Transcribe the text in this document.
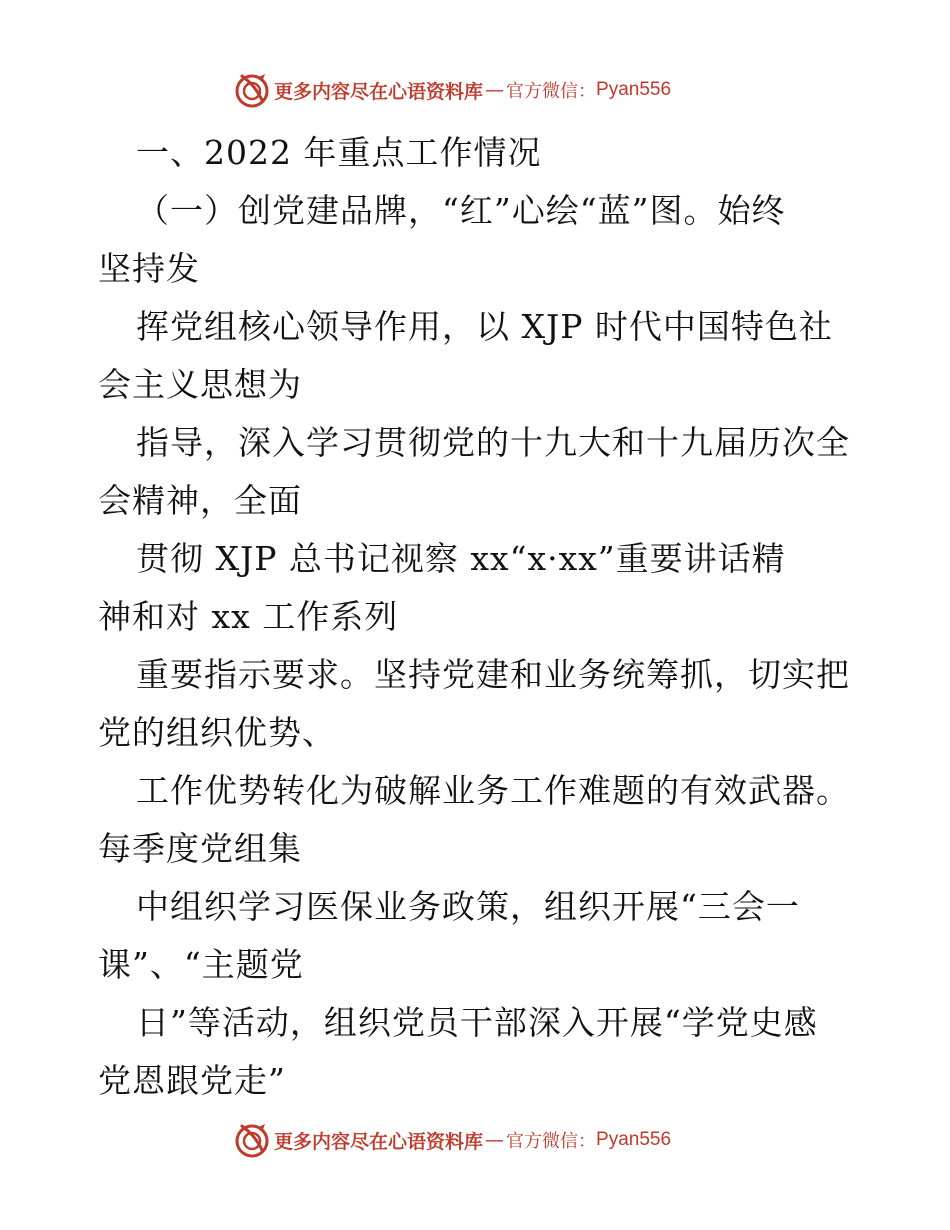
更多内容尽在心语资料库 — 官方微信： Pyan556
一、2022 年重点工作情况
（一）创党建品牌，“红”心绘“蓝”图。始终
坚持发
挥党组核心领导作用，以 XJP 时代中国特色社
会主义思想为
指导，深入学习贯彻党的十九大和十九届历次全
会精神，全面
贯彻 XJP 总书记视察 xx“x·xx”重要讲话精
神和对 xx 工作系列
重要指示要求。坚持党建和业务统筹抓，切实把
党的组织优势、
工作优势转化为破解业务工作难题的有效武器。
每季度党组集
中组织学习医保业务政策，组织开展“三会一
课”、“主题党
日”等活动，组织党员干部深入开展“学党史感
党恩跟党走”
更多内容尽在心语资料库 — 官方微信： Pyan556
